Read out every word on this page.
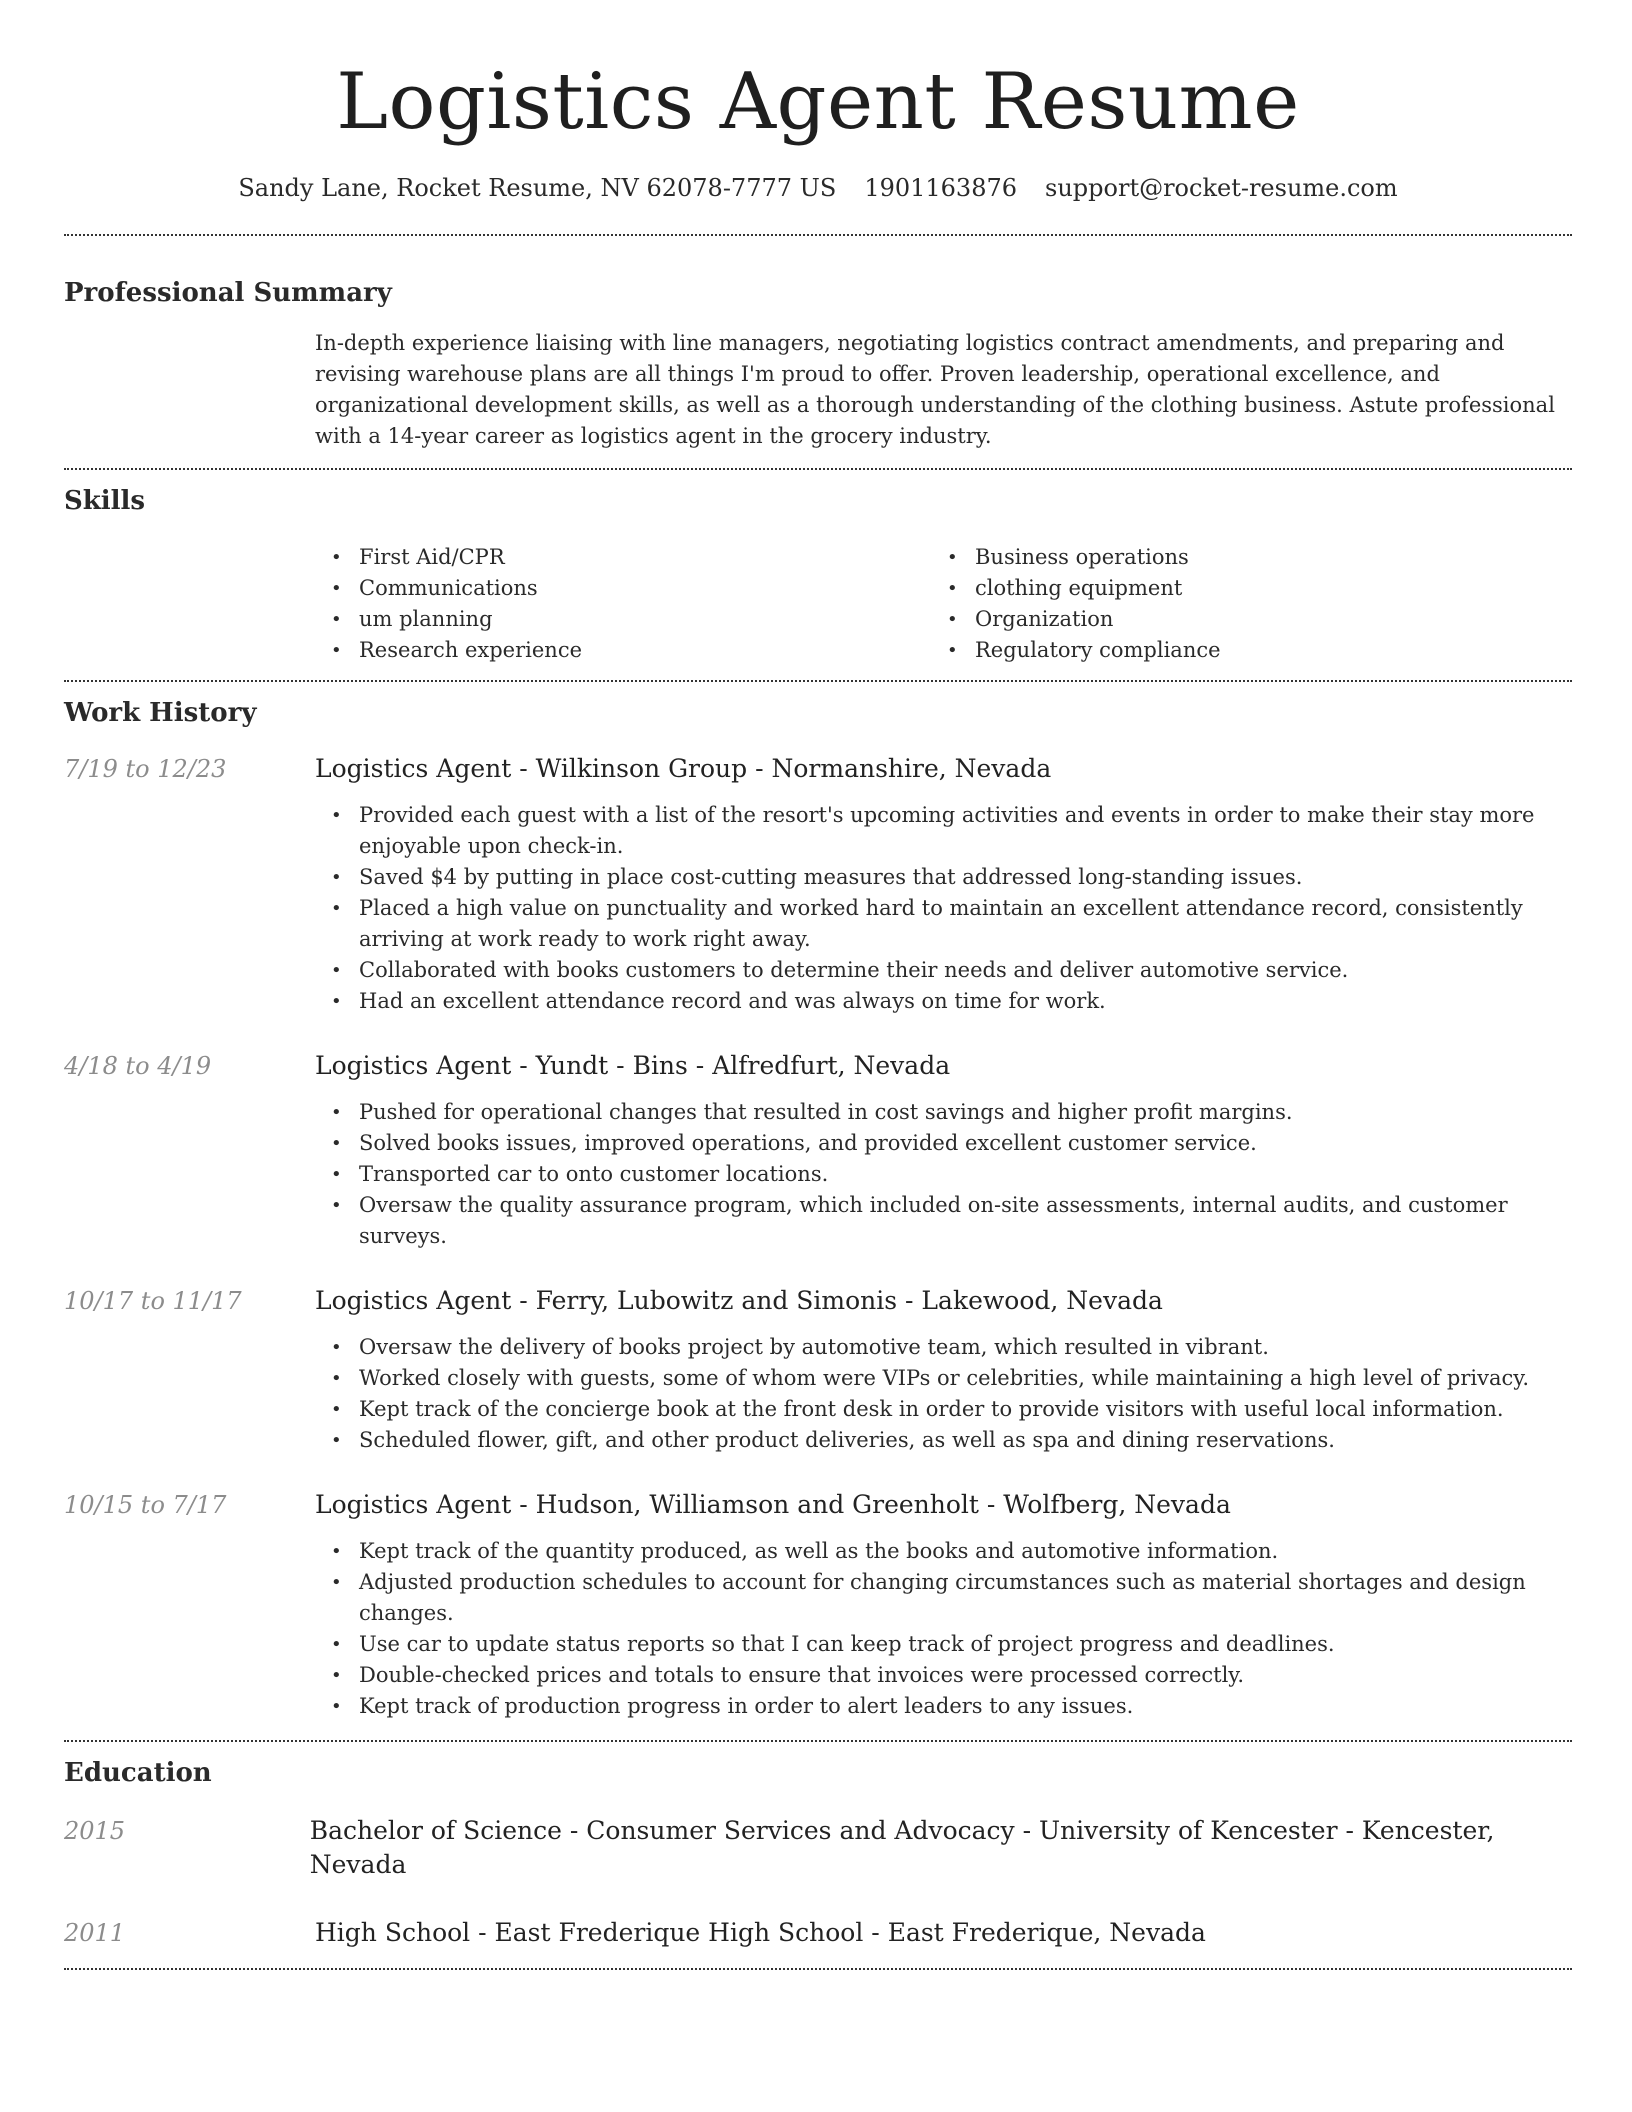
Logistics Agent Resume
Sandy Lane, Rocket Resume, NV 62078-7777 US 1901163876 support@rocket-resume.com
Professional Summary

In-depth experience liaising with line managers, negotiating logistics contract amendments, and preparing and revising warehouse plans are all things I'm proud to offer. Proven leadership, operational excellence, and organizational development skills, as well as a thorough understanding of the clothing business. Astute professional with a 14-year career as logistics agent in the grocery industry.

Skills
• First Aid/CPR
• Communications
• um planning
• Research experience
• Business operations
• clothing equipment
• Organization
• Regulatory compliance
Work History
7/19 to 12/23	Logistics Agent - Wilkinson Group - Normanshire, Nevada
• Provided each guest with a list of the resort's upcoming activities and events in order to make their stay more enjoyable upon check-in.
• Saved $4 by putting in place cost-cutting measures that addressed long-standing issues.
• Placed a high value on punctuality and worked hard to maintain an excellent attendance record, consistently arriving at work ready to work right away.
• Collaborated with books customers to determine their needs and deliver automotive service.
• Had an excellent attendance record and was always on time for work.
4/18 to 4/19	Logistics Agent - Yundt - Bins - Alfredfurt, Nevada
• Pushed for operational changes that resulted in cost savings and higher profit margins.
• Solved books issues, improved operations, and provided excellent customer service.
• Transported car to onto customer locations.
• Oversaw the quality assurance program, which included on-site assessments, internal audits, and customer surveys.
10/17 to 11/17	Logistics Agent - Ferry, Lubowitz and Simonis - Lakewood, Nevada
• Oversaw the delivery of books project by automotive team, which resulted in vibrant.
• Worked closely with guests, some of whom were VIPs or celebrities, while maintaining a high level of privacy.
• Kept track of the concierge book at the front desk in order to provide visitors with useful local information.
• Scheduled flower, gift, and other product deliveries, as well as spa and dining reservations.
10/15 to 7/17	Logistics Agent - Hudson, Williamson and Greenholt - Wolfberg, Nevada
• Kept track of the quantity produced, as well as the books and automotive information.
• Adjusted production schedules to account for changing circumstances such as material shortages and design changes.
• Use car to update status reports so that I can keep track of project progress and deadlines.
• Double-checked prices and totals to ensure that invoices were processed correctly.
• Kept track of production progress in order to alert leaders to any issues.
Education
2015	Bachelor of Science - Consumer Services and Advocacy - University of Kencester - Kencester, Nevada
2011	High School - East Frederique High School - East Frederique, Nevada
